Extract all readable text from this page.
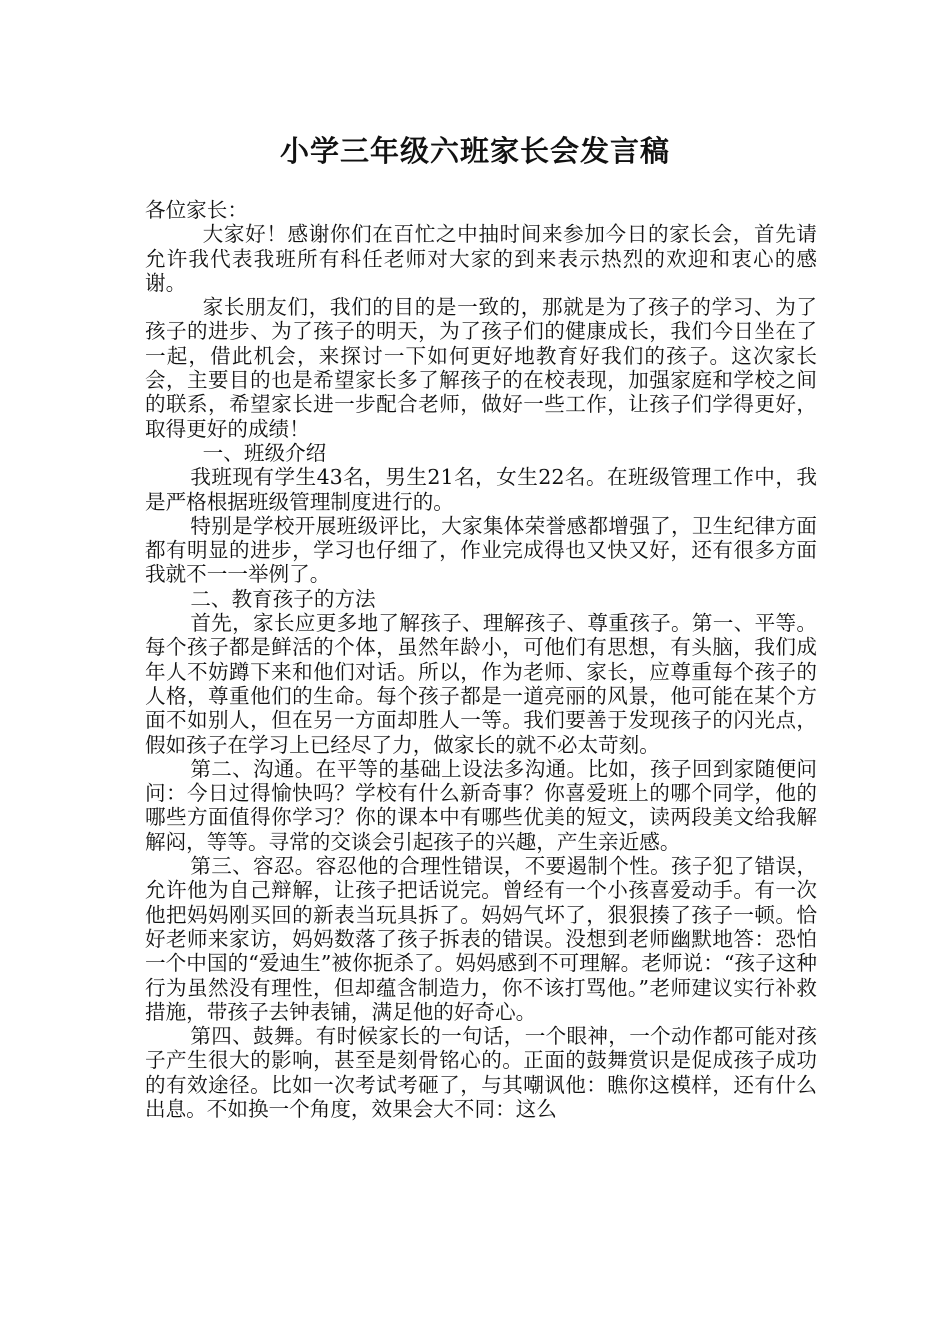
小学三年级六班家长会发言稿

各位家长：

大家好！感谢你们在百忙之中抽时间来参加今日的家长会，首先请允许我代表我班所有科任老师对大家的到来表示热烈的欢迎和衷心的感谢。

家长朋友们，我们的目的是一致的，那就是为了孩子的学习、为了孩子的进步、为了孩子的明天，为了孩子们的健康成长，我们今日坐在了一起，借此机会，来探讨一下如何更好地教育好我们的孩子。这次家长会，主要目的也是希望家长多了解孩子的在校表现，加强家庭和学校之间的联系，希望家长进一步配合老师，做好一些工作，让孩子们学得更好，取得更好的成绩！

一、班级介绍

我班现有学生43名，男生21名，女生22名。在班级管理工作中，我是严格根据班级管理制度进行的。

特别是学校开展班级评比，大家集体荣誉感都增强了，卫生纪律方面都有明显的进步，学习也仔细了，作业完成得也又快又好，还有很多方面我就不一一举例了。

二、教育孩子的方法

首先，家长应更多地了解孩子、理解孩子、尊重孩子。第一、平等。每个孩子都是鲜活的个体，虽然年龄小，可他们有思想，有头脑，我们成年人不妨蹲下来和他们对话。所以，作为老师、家长，应尊重每个孩子的人格，尊重他们的生命。每个孩子都是一道亮丽的风景，他可能在某个方面不如别人，但在另一方面却胜人一等。我们要善于发现孩子的闪光点，假如孩子在学习上已经尽了力，做家长的就不必太苛刻。

第二、沟通。在平等的基础上设法多沟通。比如，孩子回到家随便问问：今日过得愉快吗？学校有什么新奇事？你喜爱班上的哪个同学，他的哪些方面值得你学习？你的课本中有哪些优美的短文，读两段美文给我解解闷，等等。寻常的交谈会引起孩子的兴趣，产生亲近感。

第三、容忍。容忍他的合理性错误，不要遏制个性。孩子犯了错误，允许他为自己辩解，让孩子把话说完。曾经有一个小孩喜爱动手。有一次他把妈妈刚买回的新表当玩具拆了。妈妈气坏了，狠狠揍了孩子一顿。恰好老师来家访，妈妈数落了孩子拆表的错误。没想到老师幽默地答：恐怕一个中国的“爱迪生”被你扼杀了。妈妈感到不可理解。老师说：“孩子这种行为虽然没有理性，但却蕴含制造力，你不该打骂他。”老师建议实行补救措施，带孩子去钟表铺，满足他的好奇心。

第四、鼓舞。有时候家长的一句话，一个眼神，一个动作都可能对孩子产生很大的影响，甚至是刻骨铭心的。正面的鼓舞赏识是促成孩子成功的有效途径。比如一次考试考砸了，与其嘲讽他：瞧你这模样，还有什么出息。不如换一个角度，效果会大不同：这么
